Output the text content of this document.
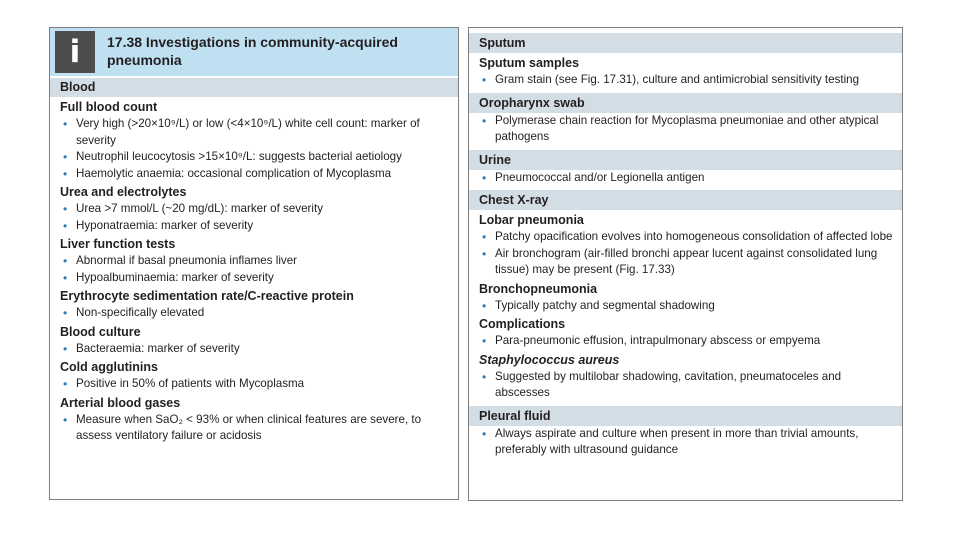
i	17.38 Investigations in community-acquired pneumonia
Blood
Full blood count
• Very high (>20×10⁹/L) or low (<4×10⁹/L) white cell count: marker of severity
• Neutrophil leucocytosis >15×10⁹/L: suggests bacterial aetiology
• Haemolytic anaemia: occasional complication of Mycoplasma
Urea and electrolytes
• Urea >7 mmol/L (~20 mg/dL): marker of severity
• Hyponatraemia: marker of severity
Liver function tests
• Abnormal if basal pneumonia inflames liver
• Hypoalbuminaemia: marker of severity
Erythrocyte sedimentation rate/C-reactive protein
• Non-specifically elevated
Blood culture
• Bacteraemia: marker of severity
Cold agglutinins
• Positive in 50% of patients with Mycoplasma
Arterial blood gases
• Measure when SaO₂ < 93% or when clinical features are severe, to assess ventilatory failure or acidosis
Sputum
Sputum samples
• Gram stain (see Fig. 17.31), culture and antimicrobial sensitivity testing
Oropharynx swab
• Polymerase chain reaction for Mycoplasma pneumoniae and other atypical pathogens
Urine
• Pneumococcal and/or Legionella antigen
Chest X-ray
Lobar pneumonia
• Patchy opacification evolves into homogeneous consolidation of affected lobe
• Air bronchogram (air-filled bronchi appear lucent against consolidated lung tissue) may be present (Fig. 17.33)
Bronchopneumonia
• Typically patchy and segmental shadowing
Complications
• Para-pneumonic effusion, intrapulmonary abscess or empyema
Staphylococcus aureus
• Suggested by multilobar shadowing, cavitation, pneumatoceles and abscesses
Pleural fluid
• Always aspirate and culture when present in more than trivial amounts, preferably with ultrasound guidance
